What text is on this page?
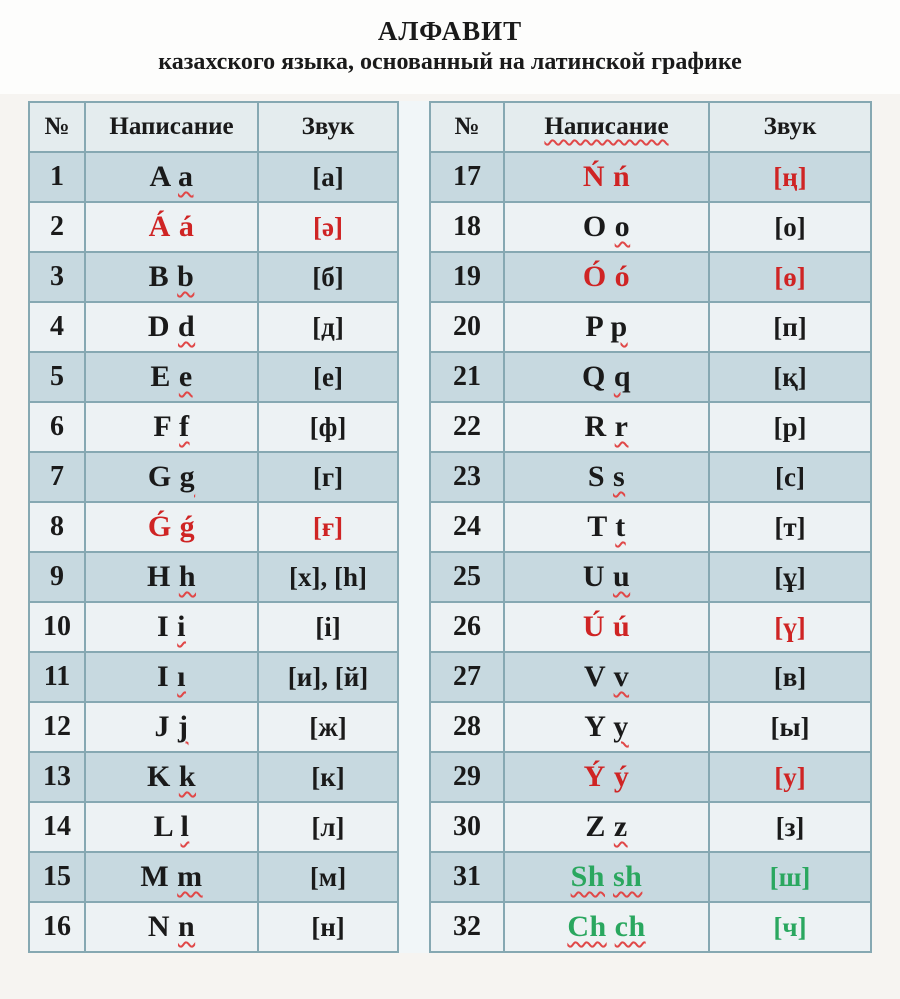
АЛФАВИТ
казахского языка, основанный на латинской графике
№	Написание	Звук
1	A a	[а]
2	Á á	[ә]
3	B b	[б]
4	D d	[д]
5	E e	[е]
6	F f	[ф]
7	G g	[г]
8	Ǵ ǵ	[ғ]
9	H h	[х], [h]
10	I i	[і]
11	I ı	[и], [й]
12	J j	[ж]
13	K k	[к]
14	L l	[л]
15	M m	[м]
16	N n	[н]
№	Написание	Звук
17	Ń ń	[ң]
18	O o	[о]
19	Ó ó	[ө]
20	P p	[п]
21	Q q	[қ]
22	R r	[р]
23	S s	[с]
24	T t	[т]
25	U u	[ұ]
26	Ú ú	[ү]
27	V v	[в]
28	Y y	[ы]
29	Ý ý	[у]
30	Z z	[з]
31	Sh sh	[ш]
32	Ch ch	[ч]
